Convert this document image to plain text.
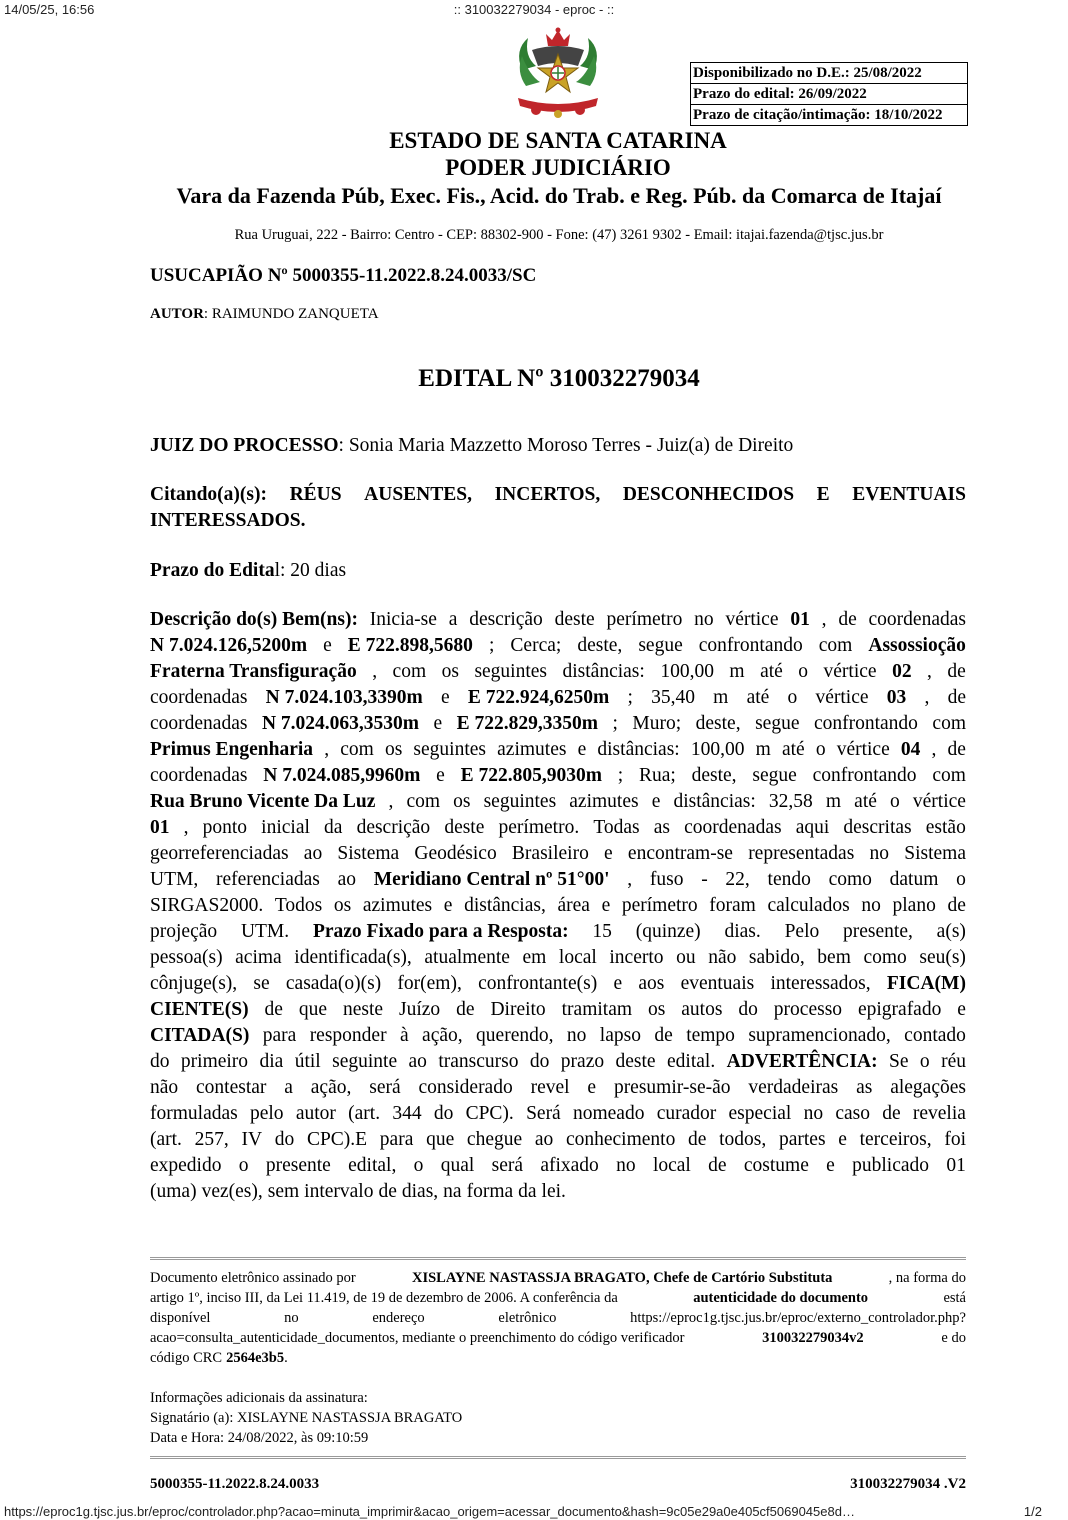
14/05/25, 16:56	:: 310032279034 - eproc - ::
Disponibilizado no D.E.: 25/08/2022
Prazo do edital: 26/09/2022
Prazo de citação/intimação: 18/10/2022
ESTADO DE SANTA CATARINA
PODER JUDICIÁRIO
Vara da Fazenda Púb, Exec. Fis., Acid. do Trab. e Reg. Púb. da Comarca de Itajaí
Rua Uruguai, 222 - Bairro: Centro - CEP: 88302-900 - Fone: (47) 3261 9302 - Email: itajai.fazenda@tjsc.jus.br
USUCAPIÃO Nº 5000355-11.2022.8.24.0033/SC
AUTOR: RAIMUNDO ZANQUETA
EDITAL Nº 310032279034
JUIZ DO PROCESSO: Sonia Maria Mazzetto Moroso Terres - Juiz(a) de Direito
Citando(a)(s): RÉUS AUSENTES, INCERTOS, DESCONHECIDOS E EVENTUAIS
INTERESSADOS.
Prazo do Edital: 20 dias
Descrição do(s) Bem(ns): Inicia-se a descrição deste perímetro no vértice 01 , de coordenadas
N 7.024.126,5200m e E 722.898,5680 ; Cerca; deste, segue confrontando com Assossioção
Fraterna Transfiguração , com os seguintes distâncias: 100,00 m até o vértice 02 , de
coordenadas N 7.024.103,3390m e E 722.924,6250m ; 35,40 m até o vértice 03 , de
coordenadas N 7.024.063,3530m e E 722.829,3350m ; Muro; deste, segue confrontando com
Primus Engenharia , com os seguintes azimutes e distâncias: 100,00 m até o vértice 04 , de
coordenadas N 7.024.085,9960m e E 722.805,9030m ; Rua; deste, segue confrontando com
Rua Bruno Vicente Da Luz , com os seguintes azimutes e distâncias: 32,58 m até o vértice
01 , ponto inicial da descrição deste perímetro. Todas as coordenadas aqui descritas estão
georreferenciadas ao Sistema Geodésico Brasileiro e encontram-se representadas no Sistema
UTM, referenciadas ao Meridiano Central nº 51°00' , fuso - 22, tendo como datum o
SIRGAS2000. Todos os azimutes e distâncias, área e perímetro foram calculados no plano de
projeção UTM. Prazo Fixado para a Resposta: 15 (quinze) dias. Pelo presente, a(s)
pessoa(s) acima identificada(s), atualmente em local incerto ou não sabido, bem como seu(s)
cônjuge(s), se casada(o)(s) for(em), confrontante(s) e aos eventuais interessados, FICA(M)
CIENTE(S) de que neste Juízo de Direito tramitam os autos do processo epigrafado e
CITADA(S) para responder à ação, querendo, no lapso de tempo supramencionado, contado
do primeiro dia útil seguinte ao transcurso do prazo deste edital. ADVERTÊNCIA: Se o réu
não contestar a ação, será considerado revel e presumir-se-ão verdadeiras as alegações
formuladas pelo autor (art. 344 do CPC). Será nomeado curador especial no caso de revelia
(art. 257, IV do CPC).E para que chegue ao conhecimento de todos, partes e terceiros, foi
expedido o presente edital, o qual será afixado no local de costume e publicado 01
(uma) vez(es), sem intervalo de dias, na forma da lei.
Documento eletrônico assinado por	XISLAYNE NASTASSJA BRAGATO, Chefe de Cartório Substituta	, na forma do
artigo 1º, inciso III, da Lei 11.419, de 19 de dezembro de 2006. A conferência da	autenticidade do documento	está
disponível	no	endereço	eletrônico	https://eproc1g.tjsc.jus.br/eproc/externo_controlador.php?
acao=consulta_autenticidade_documentos, mediante o preenchimento do código verificador	310032279034v2	e do
código CRC 2564e3b5 .
Informações adicionais da assinatura:
Signatário (a): XISLAYNE NASTASSJA BRAGATO
Data e Hora: 24/08/2022, às 09:10:59
5000355-11.2022.8.24.0033	310032279034 .V2
https://eproc1g.tjsc.jus.br/eproc/controlador.php?acao=minuta_imprimir&acao_origem=acessar_documento&hash=9c05e29a0e405cf5069045e8d…	1/2
